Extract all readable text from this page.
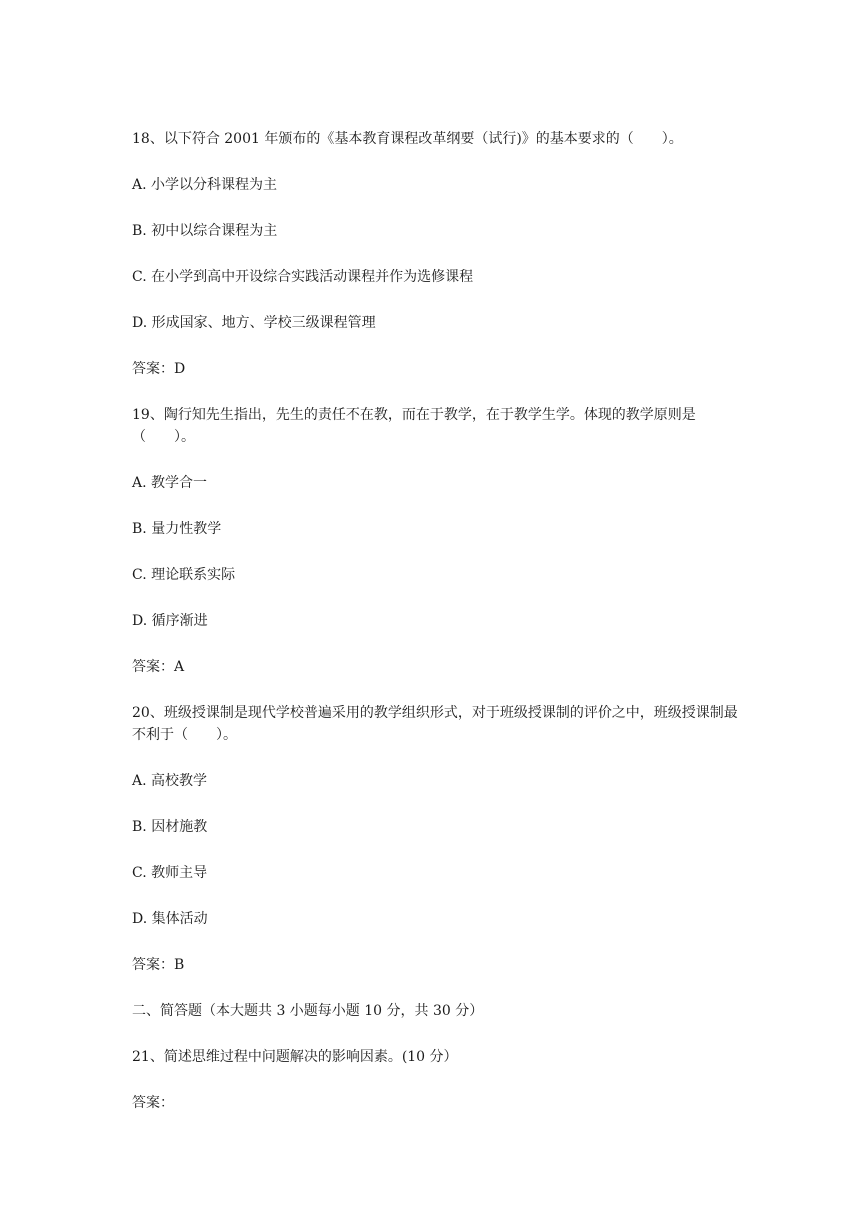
18、以下符合 2001 年颁布的《基本教育课程改革纲要（试行)》的基本要求的（　　）。

A. 小学以分科课程为主

B. 初中以综合课程为主

C. 在小学到高中开设综合实践活动课程并作为选修课程

D. 形成国家、地方、学校三级课程管理

答案：D

19、陶行知先生指出，先生的责任不在教，而在于教学，在于教学生学。体现的教学原则是（　　）。

A. 教学合一

B. 量力性教学

C. 理论联系实际

D. 循序渐进

答案：A

20、班级授课制是现代学校普遍采用的教学组织形式，对于班级授课制的评价之中，班级授课制最不利于（　　）。

A. 高校教学

B. 因材施教

C. 教师主导

D. 集体活动

答案：B

二、简答题（本大题共 3 小题每小题 10 分，共 30 分）

21、简述思维过程中问题解决的影响因素。(10 分）

答案：
